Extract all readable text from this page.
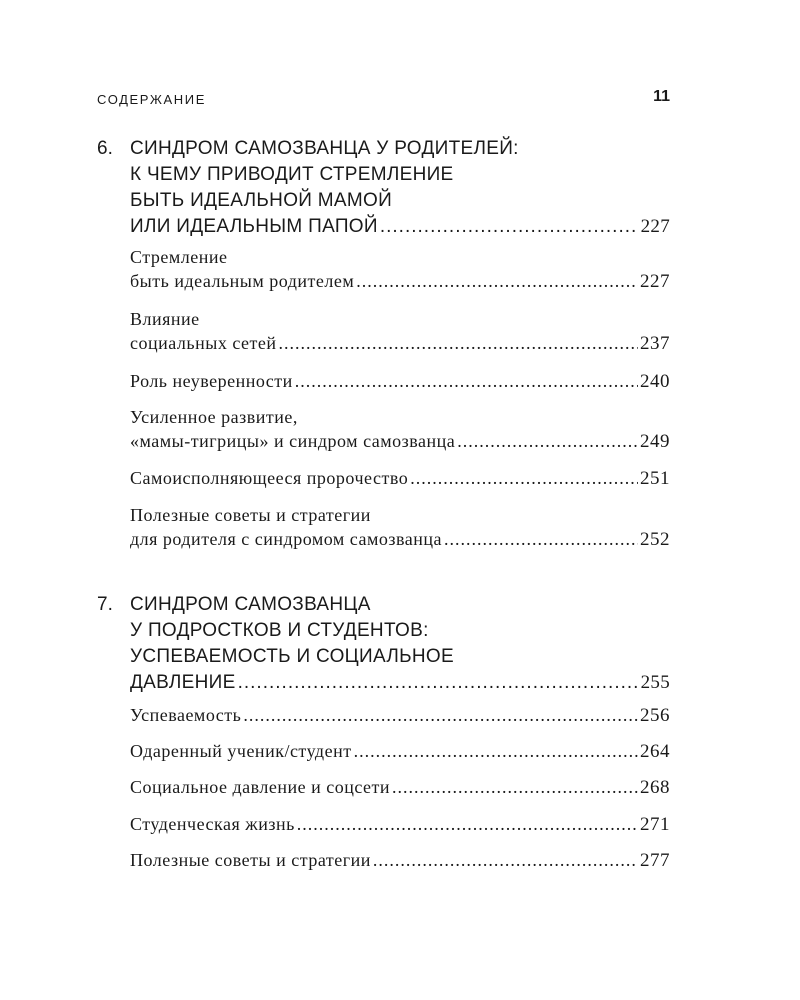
СОДЕРЖАНИЕ	11
6. СИНДРОМ САМОЗВАНЦА У РОДИТЕЛЕЙ:
К ЧЕМУ ПРИВОДИТ СТРЕМЛЕНИЕ
БЫТЬ ИДЕАЛЬНОЙ МАМОЙ
ИЛИ ИДЕАЛЬНЫМ ПАПОЙ .....	227
Стремление
быть идеальным родителем .....	227
Влияние
социальных сетей .....	237
Роль неуверенности .....	240
Усиленное развитие,
«мамы-тигрицы» и синдром самозванца .....	249
Самоисполняющееся пророчество .....	251
Полезные советы и стратегии
для родителя с синдромом самозванца .....	252
7. СИНДРОМ САМОЗВАНЦА
У ПОДРОСТКОВ И СТУДЕНТОВ:
УСПЕВАЕМОСТЬ И СОЦИАЛЬНОЕ
ДАВЛЕНИЕ .....	255
Успеваемость .....	256
Одаренный ученик/студент .....	264
Социальное давление и соцсети .....	268
Студенческая жизнь .....	271
Полезные советы и стратегии .....	277
